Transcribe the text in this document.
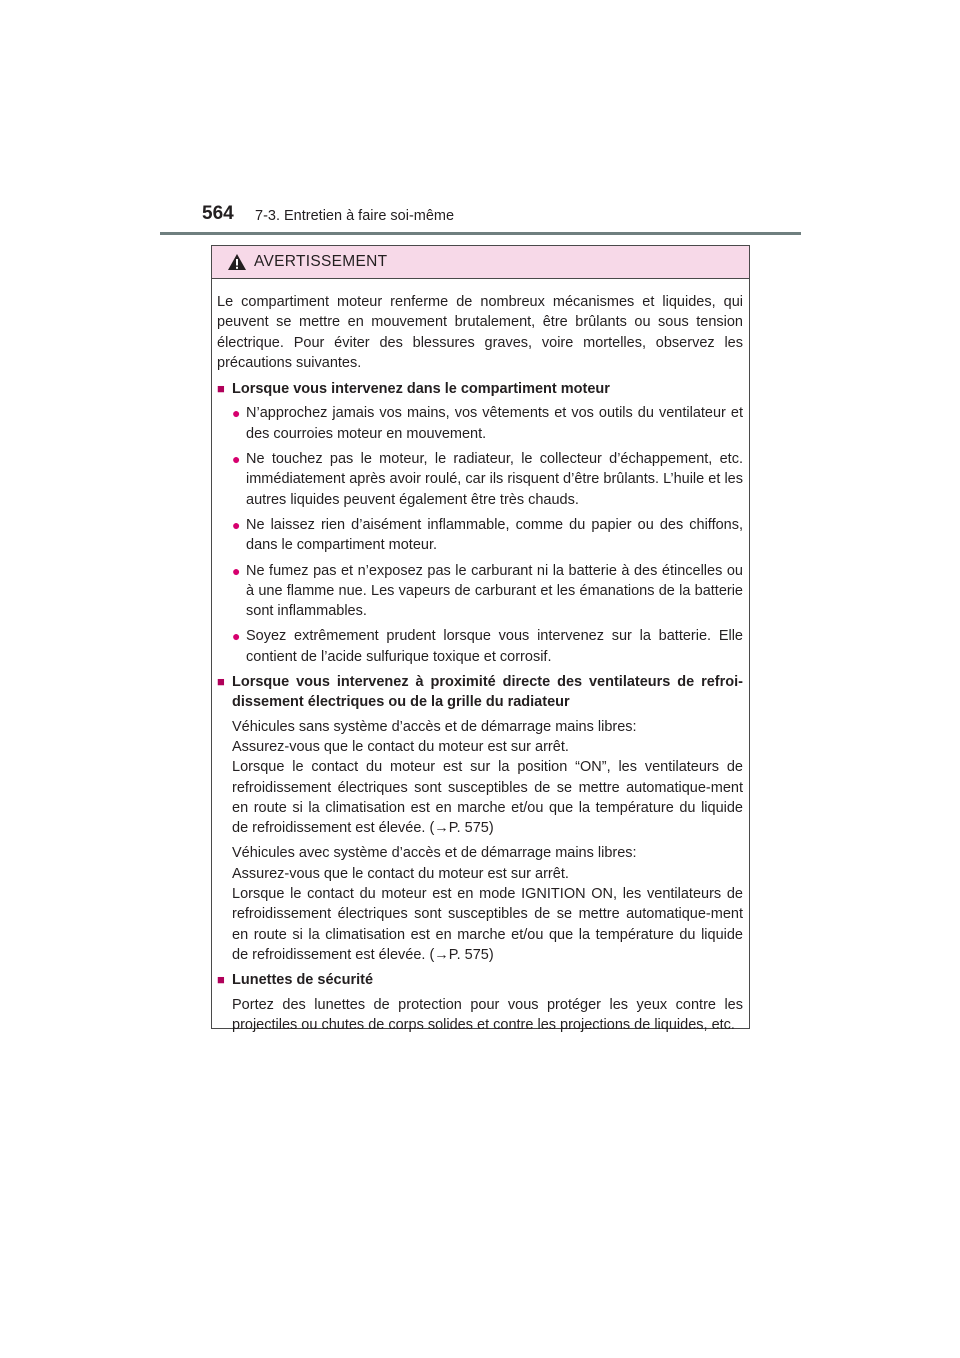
564 7-3. Entretien à faire soi-même
AVERTISSEMENT

Le compartiment moteur renferme de nombreux mécanismes et liquides, qui peuvent se mettre en mouvement brutalement, être brûlants ou sous tension électrique. Pour éviter des blessures graves, voire mortelles, observez les précautions suivantes.

■ Lorsque vous intervenez dans le compartiment moteur
● N’approchez jamais vos mains, vos vêtements et vos outils du ventilateur et des courroies moteur en mouvement.
● Ne touchez pas le moteur, le radiateur, le collecteur d’échappement, etc. immédiatement après avoir roulé, car ils risquent d’être brûlants. L’huile et les autres liquides peuvent également être très chauds.
● Ne laissez rien d’aisément inflammable, comme du papier ou des chiffons, dans le compartiment moteur.
● Ne fumez pas et n’exposez pas le carburant ni la batterie à des étincelles ou à une flamme nue. Les vapeurs de carburant et les émanations de la batterie sont inflammables.
● Soyez extrêmement prudent lorsque vous intervenez sur la batterie. Elle contient de l’acide sulfurique toxique et corrosif.
■ Lorsque vous intervenez à proximité directe des ventilateurs de refroi-dissement électriques ou de la grille du radiateur

Véhicules sans système d’accès et de démarrage mains libres:

Assurez-vous que le contact du moteur est sur arrêt.

Lorsque le contact du moteur est sur la position “ON”, les ventilateurs de refroidissement électriques sont susceptibles de se mettre automatique-ment en route si la climatisation est en marche et/ou que la température du liquide de refroidissement est élevée. (→P. 575)

Véhicules avec système d’accès et de démarrage mains libres:

Assurez-vous que le contact du moteur est sur arrêt.

Lorsque le contact du moteur est en mode IGNITION ON, les ventilateurs de refroidissement électriques sont susceptibles de se mettre automatique-ment en route si la climatisation est en marche et/ou que la température du liquide de refroidissement est élevée. (→P. 575)

■ Lunettes de sécurité

Portez des lunettes de protection pour vous protéger les yeux contre les projectiles ou chutes de corps solides et contre les projections de liquides, etc.
